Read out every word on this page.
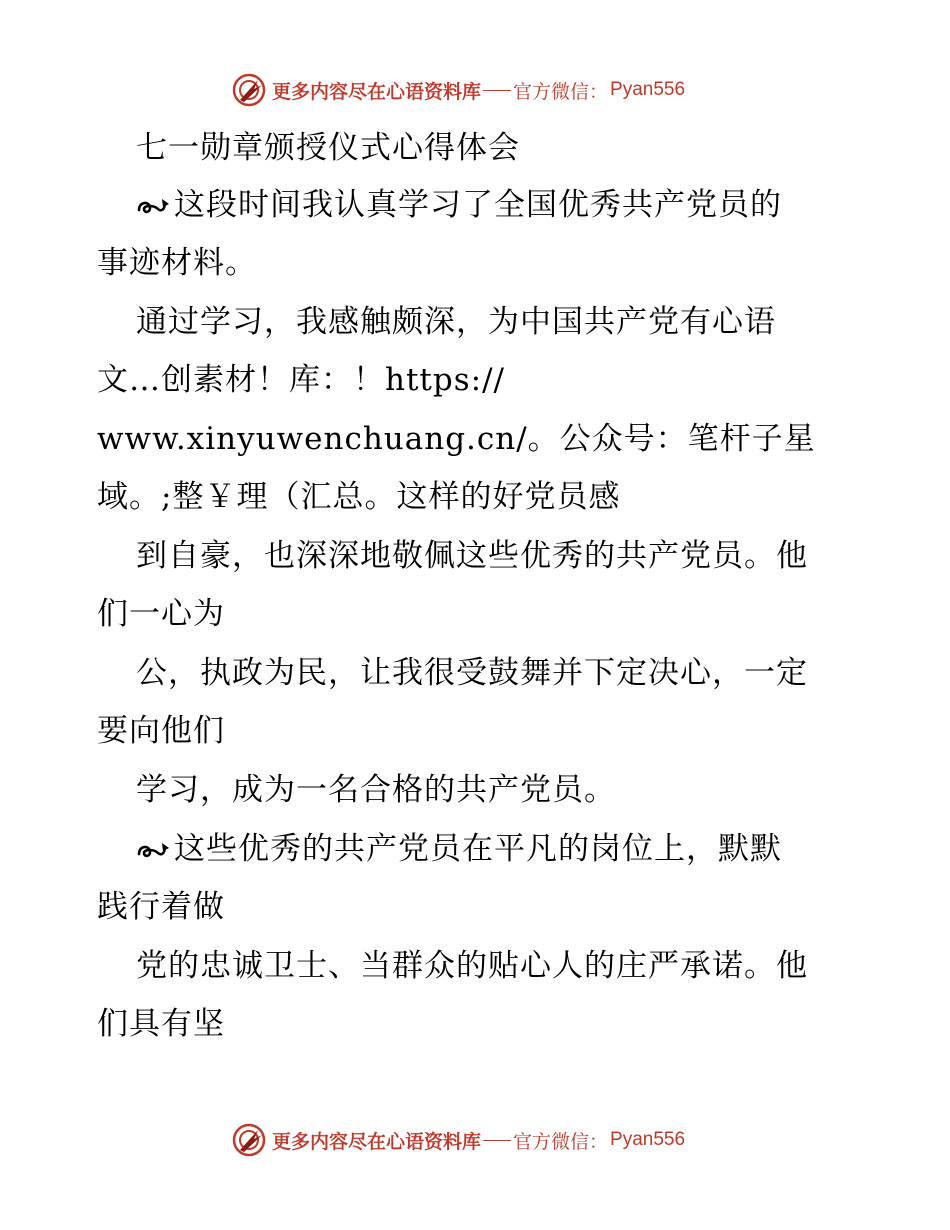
更多内容尽在心语资料库 官方微信： Pyan556
七一勋章颁授仪式心得体会
这段时间我认真学习了全国优秀共产党员的
事迹材料。
通过学习，我感触颇深，为中国共产党有心语
文…创素材！库：！https://
www.xinyuwenchuang.cn/。公众号：笔杆子星
域。;整￥理（汇总。这样的好党员感
到自豪，也深深地敬佩这些优秀的共产党员。他
们一心为
公，执政为民，让我很受鼓舞并下定决心，一定
要向他们
学习，成为一名合格的共产党员。
这些优秀的共产党员在平凡的岗位上，默默
践行着做
党的忠诚卫士、当群众的贴心人的庄严承诺。他
们具有坚
更多内容尽在心语资料库 官方微信： Pyan556
